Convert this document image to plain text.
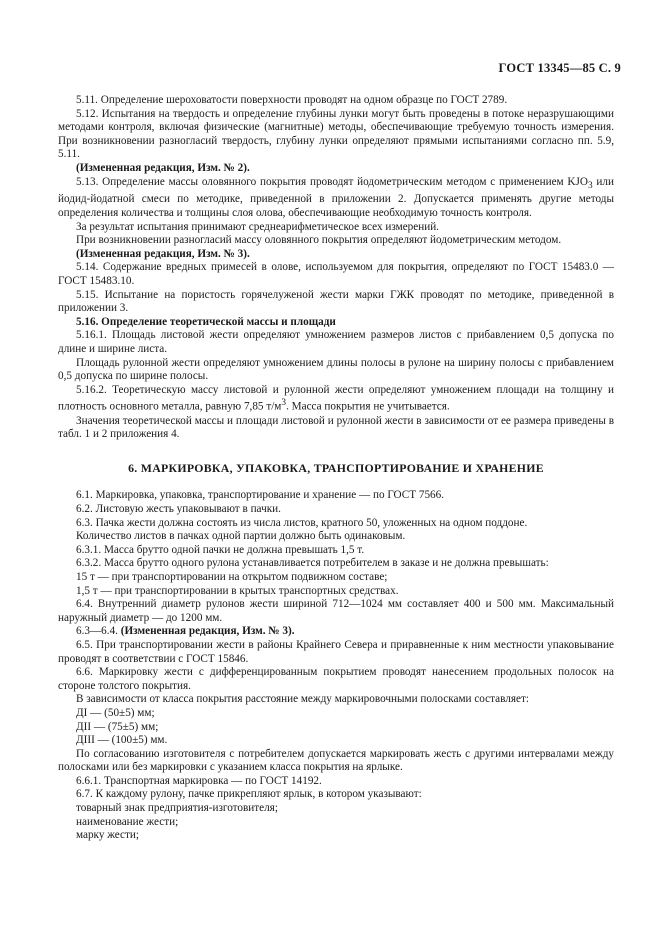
ГОСТ 13345—85 С. 9

5.11. Определение шероховатости поверхности проводят на одном образце по ГОСТ 2789.

5.12. Испытания на твердость и определение глубины лунки могут быть проведены в потоке неразрушающими методами контроля, включая физические (магнитные) методы, обеспечивающие требуемую точность измерения. При возникновении разногласий твердость, глубину лунки определяют прямыми испытаниями согласно пп. 5.9, 5.11.

(Измененная редакция, Изм. № 2).

5.13. Определение массы оловянного покрытия проводят йодометрическим методом с применением $KJO_3$ или йодид-йодатной смеси по методике, приведенной в приложении 2. Допускается применять другие методы определения количества и толщины слоя олова, обеспечивающие необходимую точность контроля.

За результат испытания принимают среднеарифметическое всех измерений.

При возникновении разногласий массу оловянного покрытия определяют йодометрическим методом.

(Измененная редакция, Изм. № 3).

5.14. Содержание вредных примесей в олове, используемом для покрытия, определяют по ГОСТ 15483.0 — ГОСТ 15483.10.

5.15. Испытание на пористость горячелуженой жести марки ГЖК проводят по методике, приведенной в приложении 3.

5.16. Определение теоретической массы и площади

5.16.1. Площадь листовой жести определяют умножением размеров листов с прибавлением 0,5 допуска по длине и ширине листа.

Площадь рулонной жести определяют умножением длины полосы в рулоне на ширину полосы с прибавлением 0,5 допуска по ширине полосы.

5.16.2. Теоретическую массу листовой и рулонной жести определяют умножением площади на толщину и плотность основного металла, равную 7,85 $т/м^3$. Масса покрытия не учитывается.

Значения теоретической массы и площади листовой и рулонной жести в зависимости от ее размера приведены в табл. 1 и 2 приложения 4.

6. МАРКИРОВКА, УПАКОВКА, ТРАНСПОРТИРОВАНИЕ И ХРАНЕНИЕ

6.1. Маркировка, упаковка, транспортирование и хранение — по ГОСТ 7566.

6.2. Листовую жесть упаковывают в пачки.

6.3. Пачка жести должна состоять из числа листов, кратного 50, уложенных на одном поддоне.

Количество листов в пачках одной партии должно быть одинаковым.

6.3.1. Масса брутто одной пачки не должна превышать 1,5 т.

6.3.2. Масса брутто одного рулона устанавливается потребителем в заказе и не должна превышать:

15 т — при транспортировании на открытом подвижном составе;

1,5 т — при транспортировании в крытых транспортных средствах.

6.4. Внутренний диаметр рулонов жести шириной 712—1024 мм составляет 400 и 500 мм. Максимальный наружный диаметр — до 1200 мм.

6.3—6.4. (Измененная редакция, Изм. № 3).

6.5. При транспортировании жести в районы Крайнего Севера и приравненные к ним местности упаковывание проводят в соответствии с ГОСТ 15846.

6.6. Маркировку жести с дифференцированным покрытием проводят нанесением продольных полосок на стороне толстого покрытия.

В зависимости от класса покрытия расстояние между маркировочными полосками составляет:

ДI — (50±5) мм;

ДII — (75±5) мм;

ДIII — (100±5) мм.

По согласованию изготовителя с потребителем допускается маркировать жесть с другими интервалами между полосками или без маркировки с указанием класса покрытия на ярлыке.

6.6.1. Транспортная маркировка — по ГОСТ 14192.

6.7. К каждому рулону, пачке прикрепляют ярлык, в котором указывают:

товарный знак предприятия-изготовителя;

наименование жести;

марку жести;
